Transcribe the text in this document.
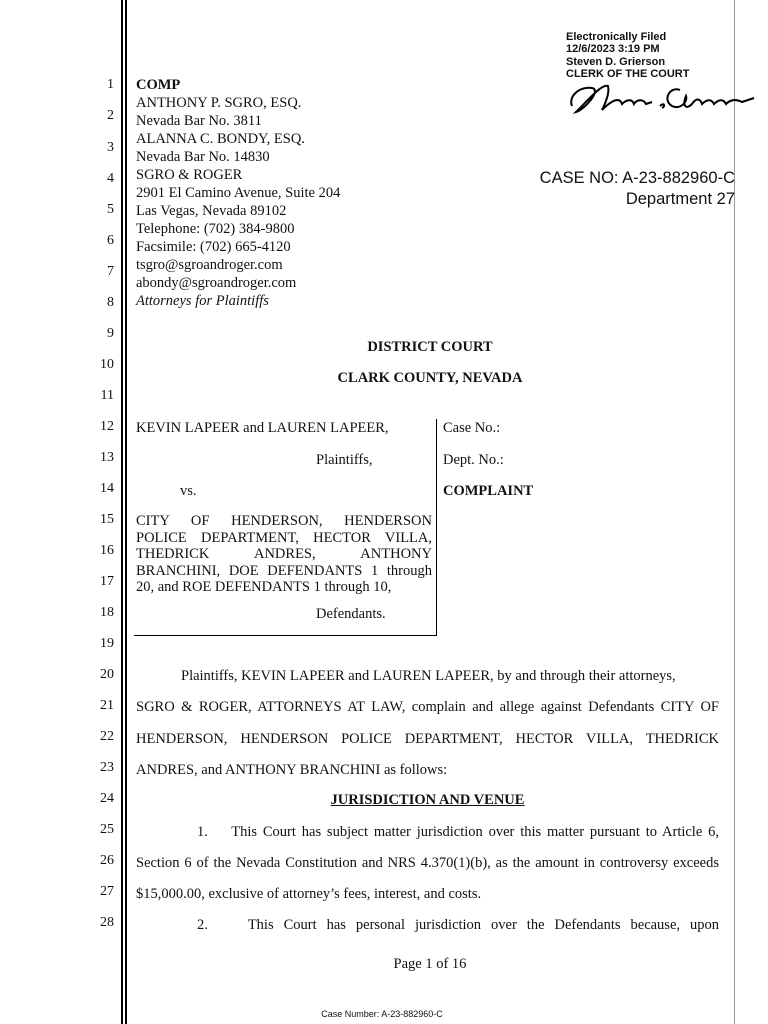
1
2
3
4
5
6
7
8
9
10
11
12
13
14
15
16
17
18
19
20
21
22
23
24
25
26
27
28
Electronically Filed
12/6/2023 3:19 PM
Steven D. Grierson
CLERK OF THE COURT
CASE NO: A-23-882960-C
Department 27
COMP
ANTHONY P. SGRO, ESQ.
Nevada Bar No. 3811
ALANNA C. BONDY, ESQ.
Nevada Bar No. 14830
SGRO & ROGER
2901 El Camino Avenue, Suite 204
Las Vegas, Nevada 89102
Telephone: (702) 384-9800
Facsimile: (702) 665-4120
tsgro@sgroandroger.com
abondy@sgroandroger.com
Attorneys for Plaintiffs
DISTRICT COURT
CLARK COUNTY, NEVADA
KEVIN LAPEER and LAUREN LAPEER,
Plaintiffs,
vs.
CITY OF HENDERSON, HENDERSON
POLICE DEPARTMENT, HECTOR VILLA,
THEDRICK ANDRES, ANTHONY
BRANCHINI, DOE DEFENDANTS 1 through
20, and ROE DEFENDANTS 1 through 10,
Defendants.
Case No.:
Dept. No.:
COMPLAINT
Plaintiffs, KEVIN LAPEER and LAUREN LAPEER, by and through their attorneys,
SGRO & ROGER, ATTORNEYS AT LAW, complain and allege against Defendants CITY OF
HENDERSON, HENDERSON POLICE DEPARTMENT, HECTOR VILLA, THEDRICK
ANDRES, and ANTHONY BRANCHINI as follows:
JURISDICTION AND VENUE
1.    This Court has subject matter jurisdiction over this matter pursuant to Article 6,
Section 6 of the Nevada Constitution and NRS 4.370(1)(b), as the amount in controversy exceeds
$15,000.00, exclusive of attorney’s fees, interest, and costs.
2.    This Court has personal jurisdiction over the Defendants because, upon
Page 1 of 16
Case Number: A-23-882960-C
